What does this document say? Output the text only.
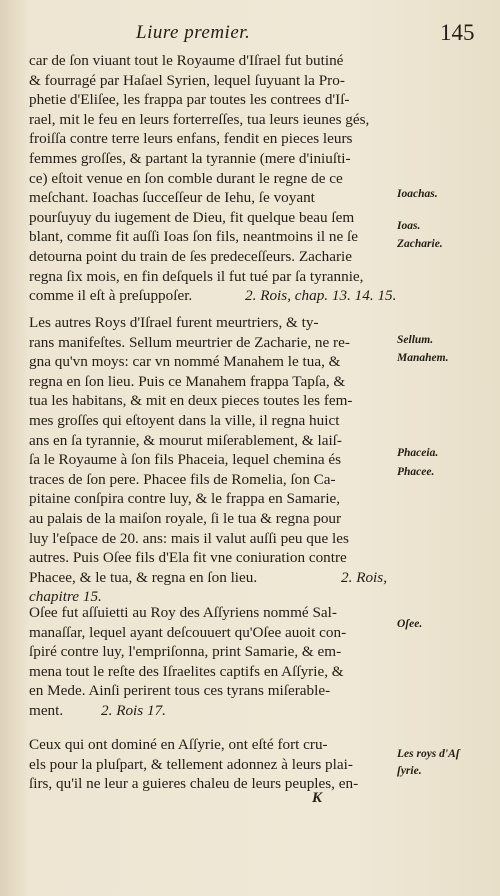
Liure premier.	145
car de ſon viuant tout le Royaume d'Iſrael fut butiné
& fourragé par Haſael Syrien, lequel ſuyuant la Pro-
phetie d'Eliſee, les frappa par toutes les contrees d'Iſ-
rael, mit le feu en leurs forterreſſes, tua leurs ieunes gés,
froiſſa contre terre leurs enfans, fendit en pieces leurs
femmes groſſes, & partant la tyrannie (mere d'iniuſti-
ce) eſtoit venue en ſon comble durant le regne de ce
meſchant. Ioachas ſucceſſeur de Iehu, ſe voyant
pourſuyuy du iugement de Dieu, fit quelque beau ſem
blant, comme fit auſſi Ioas ſon fils, neantmoins il ne ſe
detourna point du train de ſes predeceſſeurs. Zacharie
regna ſix mois, en fin deſquels il fut tué par ſa tyrannie,
comme il eſt à preſuppoſer.	2. Rois, chap. 13. 14. 15.
Les autres Roys d'Iſrael furent meurtriers, & ty-
rans manifeſtes. Sellum meurtrier de Zacharie, ne re-
gna qu'vn moys: car vn nommé Manahem le tua, &
regna en ſon lieu. Puis ce Manahem frappa Tapſa, &
tua les habitans, & mit en deux pieces toutes les fem-
mes groſſes qui eſtoyent dans la ville, il regna huict
ans en ſa tyrannie, & mourut miſerablement, & laiſ-
ſa le Royaume à ſon fils Phaceia, lequel chemina és
traces de ſon pere. Phacee fils de Romelia, ſon Ca-
pitaine conſpira contre luy, & le frappa en Samarie,
au palais de la maiſon royale, ſi le tua & regna pour
luy l'eſpace de 20. ans: mais il valut auſſi peu que les
autres. Puis Oſee fils d'Ela fit vne coniuration contre
Phacee, & le tua, & regna en ſon lieu.	2. Rois,
chapitre 15.
Oſee fut aſſuietti au Roy des Aſſyriens nommé Sal-
manaſſar, lequel ayant deſcouuert qu'Oſee auoit con-
ſpiré contre luy, l'empriſonna, print Samarie, & em-
mena tout le reſte des Iſraelites captifs en Aſſyrie, &
en Mede. Ainſi perirent tous ces tyrans miſerable-
ment. 2. Rois 17.
Ceux qui ont dominé en Aſſyrie, ont eſté fort cru-
els pour la pluſpart, & tellement adonnez à leurs plai-
ſirs, qu'il ne leur a guieres chaleu de leurs peuples, en-
Ioachas.
Ioas.
Zacharie.
Sellum.
Manahem.
Phaceia.
Phacee.
Oſee.
Les roys d'Aſ
ſyrie.
K
